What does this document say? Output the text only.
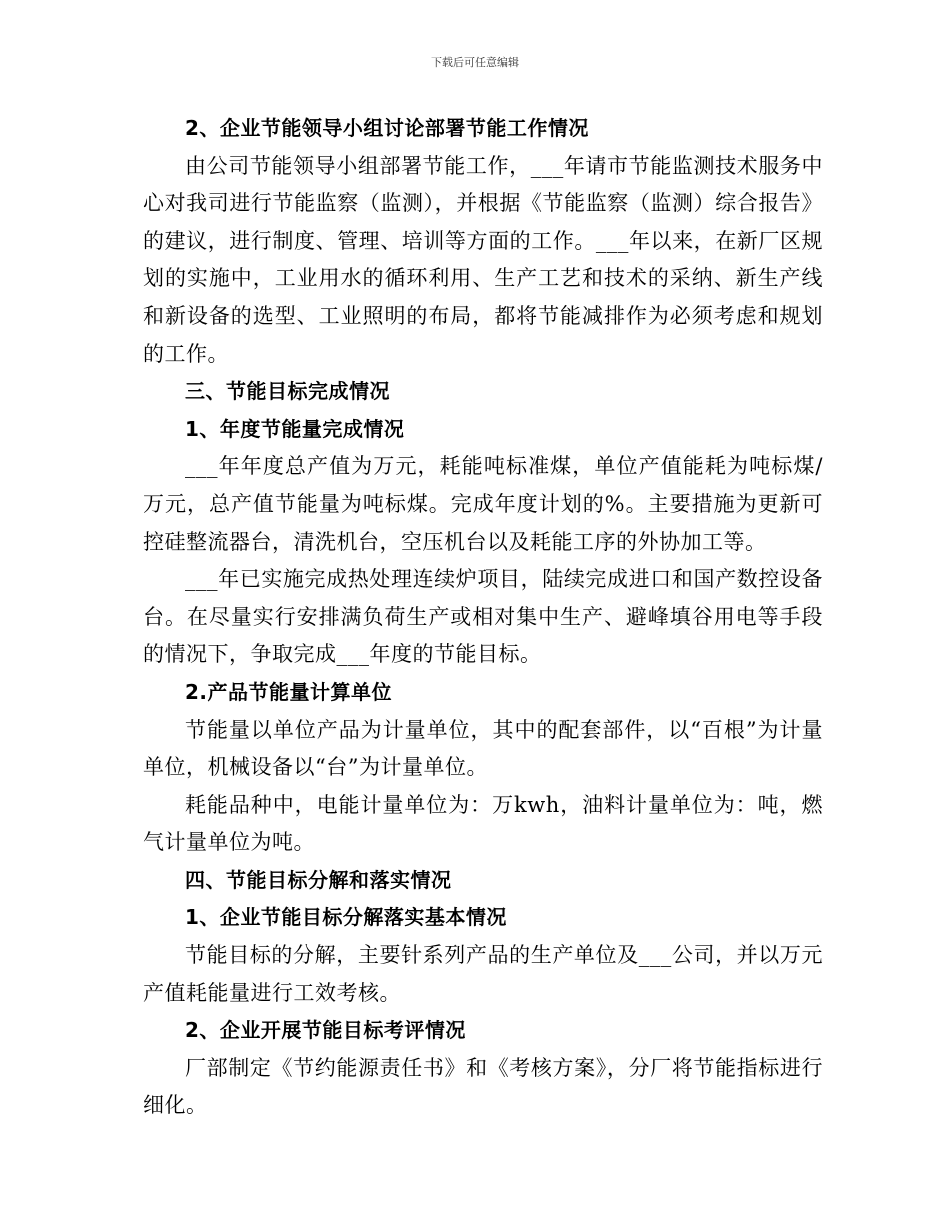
下载后可任意编辑

2、企业节能领导小组讨论部署节能工作情况

由公司节能领导小组部署节能工作，___年请市节能监测技术服务中心对我司进行节能监察（监测），并根据《节能监察（监测）综合报告》的建议，进行制度、管理、培训等方面的工作。___年以来，在新厂区规划的实施中，工业用水的循环利用、生产工艺和技术的采纳、新生产线和新设备的选型、工业照明的布局，都将节能减排作为必须考虑和规划的工作。

三、节能目标完成情况

1、年度节能量完成情况

___年年度总产值为万元，耗能吨标准煤，单位产值能耗为吨标煤/万元，总产值节能量为吨标煤。完成年度计划的%。主要措施为更新可控硅整流器台，清洗机台，空压机台以及耗能工序的外协加工等。

___年已实施完成热处理连续炉项目，陆续完成进口和国产数控设备台。在尽量实行安排满负荷生产或相对集中生产、避峰填谷用电等手段的情况下，争取完成___年度的节能目标。

2.产品节能量计算单位

节能量以单位产品为计量单位，其中的配套部件，以“百根”为计量单位，机械设备以“台”为计量单位。

耗能品种中，电能计量单位为：万kwh，油料计量单位为：吨，燃气计量单位为吨。

四、节能目标分解和落实情况

1、企业节能目标分解落实基本情况

节能目标的分解，主要针系列产品的生产单位及___公司，并以万元产值耗能量进行工效考核。

2、企业开展节能目标考评情况

厂部制定《节约能源责任书》和《考核方案》，分厂将节能指标进行细化。
